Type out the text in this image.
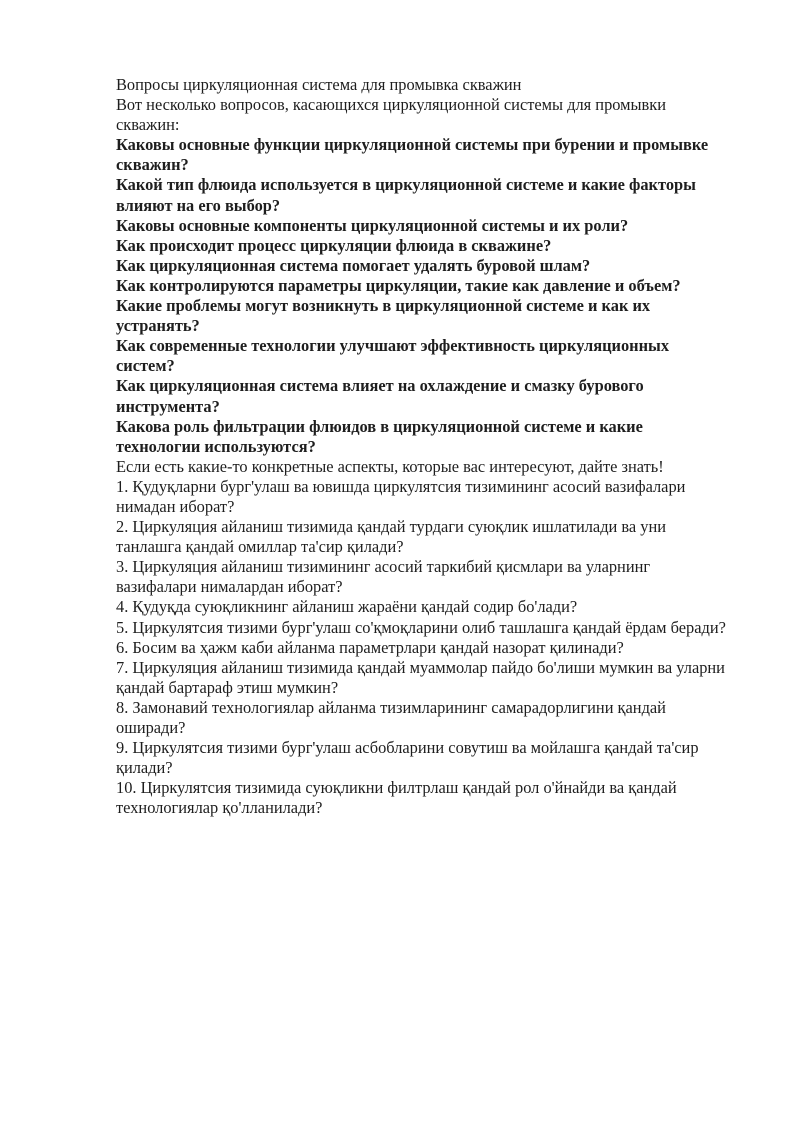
Вопросы циркуляционная система для промывка скважин

Вот несколько вопросов, касающихся циркуляционной системы для промывки скважин:

Каковы основные функции циркуляционной системы при бурении и промывке скважин?

Какой тип флюида используется в циркуляционной системе и какие факторы влияют на его выбор?

Каковы основные компоненты циркуляционной системы и их роли?

Как происходит процесс циркуляции флюида в скважине?

Как циркуляционная система помогает удалять буровой шлам?

Как контролируются параметры циркуляции, такие как давление и объем?

Какие проблемы могут возникнуть в циркуляционной системе и как их устранять?

Как современные технологии улучшают эффективность циркуляционных систем?

Как циркуляционная система влияет на охлаждение и смазку бурового инструмента?

Какова роль фильтрации флюидов в циркуляционной системе и какие технологии используются?

Если есть какие-то конкретные аспекты, которые вас интересуют, дайте знать!

1. Қудуқларни бург'улаш ва ювишда циркулятсия тизимининг асосий вазифалари нимадан иборат?

2. Циркуляция айланиш тизимида қандай турдаги суюқлик ишлатилади ва уни танлашга қандай омиллар та'сир қилади?

3. Циркуляция айланиш тизимининг асосий таркибий қисмлари ва уларнинг вазифалари нималардан иборат?

4. Қудуқда суюқликнинг айланиш жараёни қандай содир бо'лади?

5. Циркулятсия тизими бург'улаш со'қмоқларини олиб ташлашга қандай ёрдам беради?

6. Босим ва ҳажм каби айланма параметрлари қандай назорат қилинади?

7. Циркуляция айланиш тизимида қандай муаммолар пайдо бо'лиши мумкин ва уларни қандай бартараф этиш мумкин?

8. Замонавий технологиялар айланма тизимларининг самарадорлигини қандай оширади?

9. Циркулятсия тизими бург'улаш асбобларини совутиш ва мойлашга қандай та'сир қилади?

10. Циркулятсия тизимида суюқликни филтрлаш қандай рол о'йнайди ва қандай технологиялар қо'лланилади?
